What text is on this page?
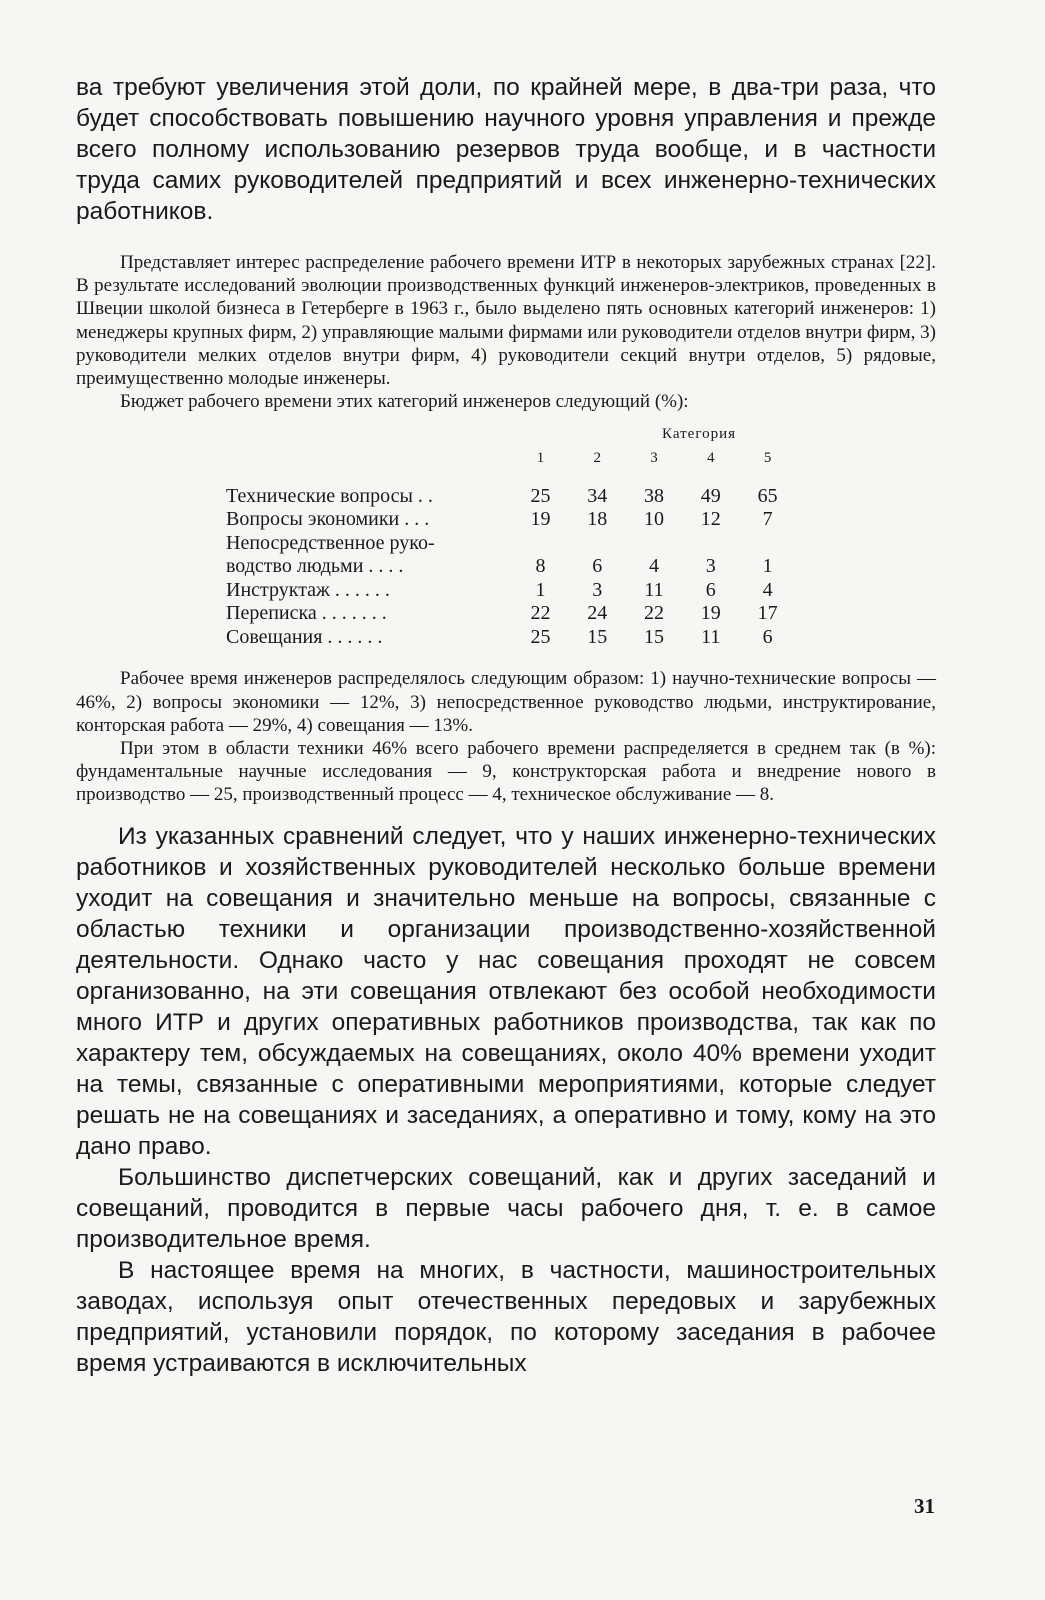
ва требуют увеличения этой доли, по крайней мере, в два-три раза, что будет способствовать повышению научного уровня управления и прежде всего полному использованию резервов труда вообще, и в частности труда самих руководителей предприятий и всех инженерно-технических работников.

Представляет интерес распределение рабочего времени ИТР в некоторых зарубежных странах [22]. В результате исследований эволюции производственных функций инженеров-электриков, проведенных в Швеции школой бизнеса в Гетерберге в 1963 г., было выделено пять основных категорий инженеров: 1) менеджеры крупных фирм, 2) управляющие малыми фирмами или руководители отделов внутри фирм, 3) руководители мелких отделов внутри фирм, 4) руководители секций внутри отделов, 5) рядовые, преимущественно молодые инженеры.

Бюджет рабочего времени этих категорий инженеров следующий (%):

	Категория				
	1	2	3	4	5

Технические вопросы . .	25	34	38	49	65
Вопросы экономики . . .	19	18	10	12	7
Непосредственное руко-					
водство людьми . . . .	8	6	4	3	1
Инструктаж . . . . . .	1	3	11	6	4
Переписка . . . . . . .	22	24	22	19	17
Совещания . . . . . .	25	15	15	11	6

Рабочее время инженеров распределялось следующим образом: 1) научно-технические вопросы — 46%, 2) вопросы экономики — 12%, 3) непосредственное руководство людьми, инструктирование, конторская работа — 29%, 4) совещания — 13%.

При этом в области техники 46% всего рабочего времени распределяется в среднем так (в %): фундаментальные научные исследования — 9, конструкторская работа и внедрение нового в производство — 25, производственный процесс — 4, техническое обслуживание — 8.

Из указанных сравнений следует, что у наших инженерно-технических работников и хозяйственных руководителей несколько больше времени уходит на совещания и значительно меньше на вопросы, связанные с областью техники и организации производственно-хозяйственной деятельности. Однако часто у нас совещания проходят не совсем организованно, на эти совещания отвлекают без особой необходимости много ИТР и других оперативных работников производства, так как по характеру тем, обсуждаемых на совещаниях, около 40% времени уходит на темы, связанные с оперативными мероприятиями, которые следует решать не на совещаниях и заседаниях, а оперативно и тому, кому на это дано право.

Большинство диспетчерских совещаний, как и других заседаний и совещаний, проводится в первые часы рабочего дня, т. е. в самое производительное время.

В настоящее время на многих, в частности, машиностроительных заводах, используя опыт отечественных передовых и зарубежных предприятий, установили порядок, по которому заседания в рабочее время устраиваются в исключительных

31
